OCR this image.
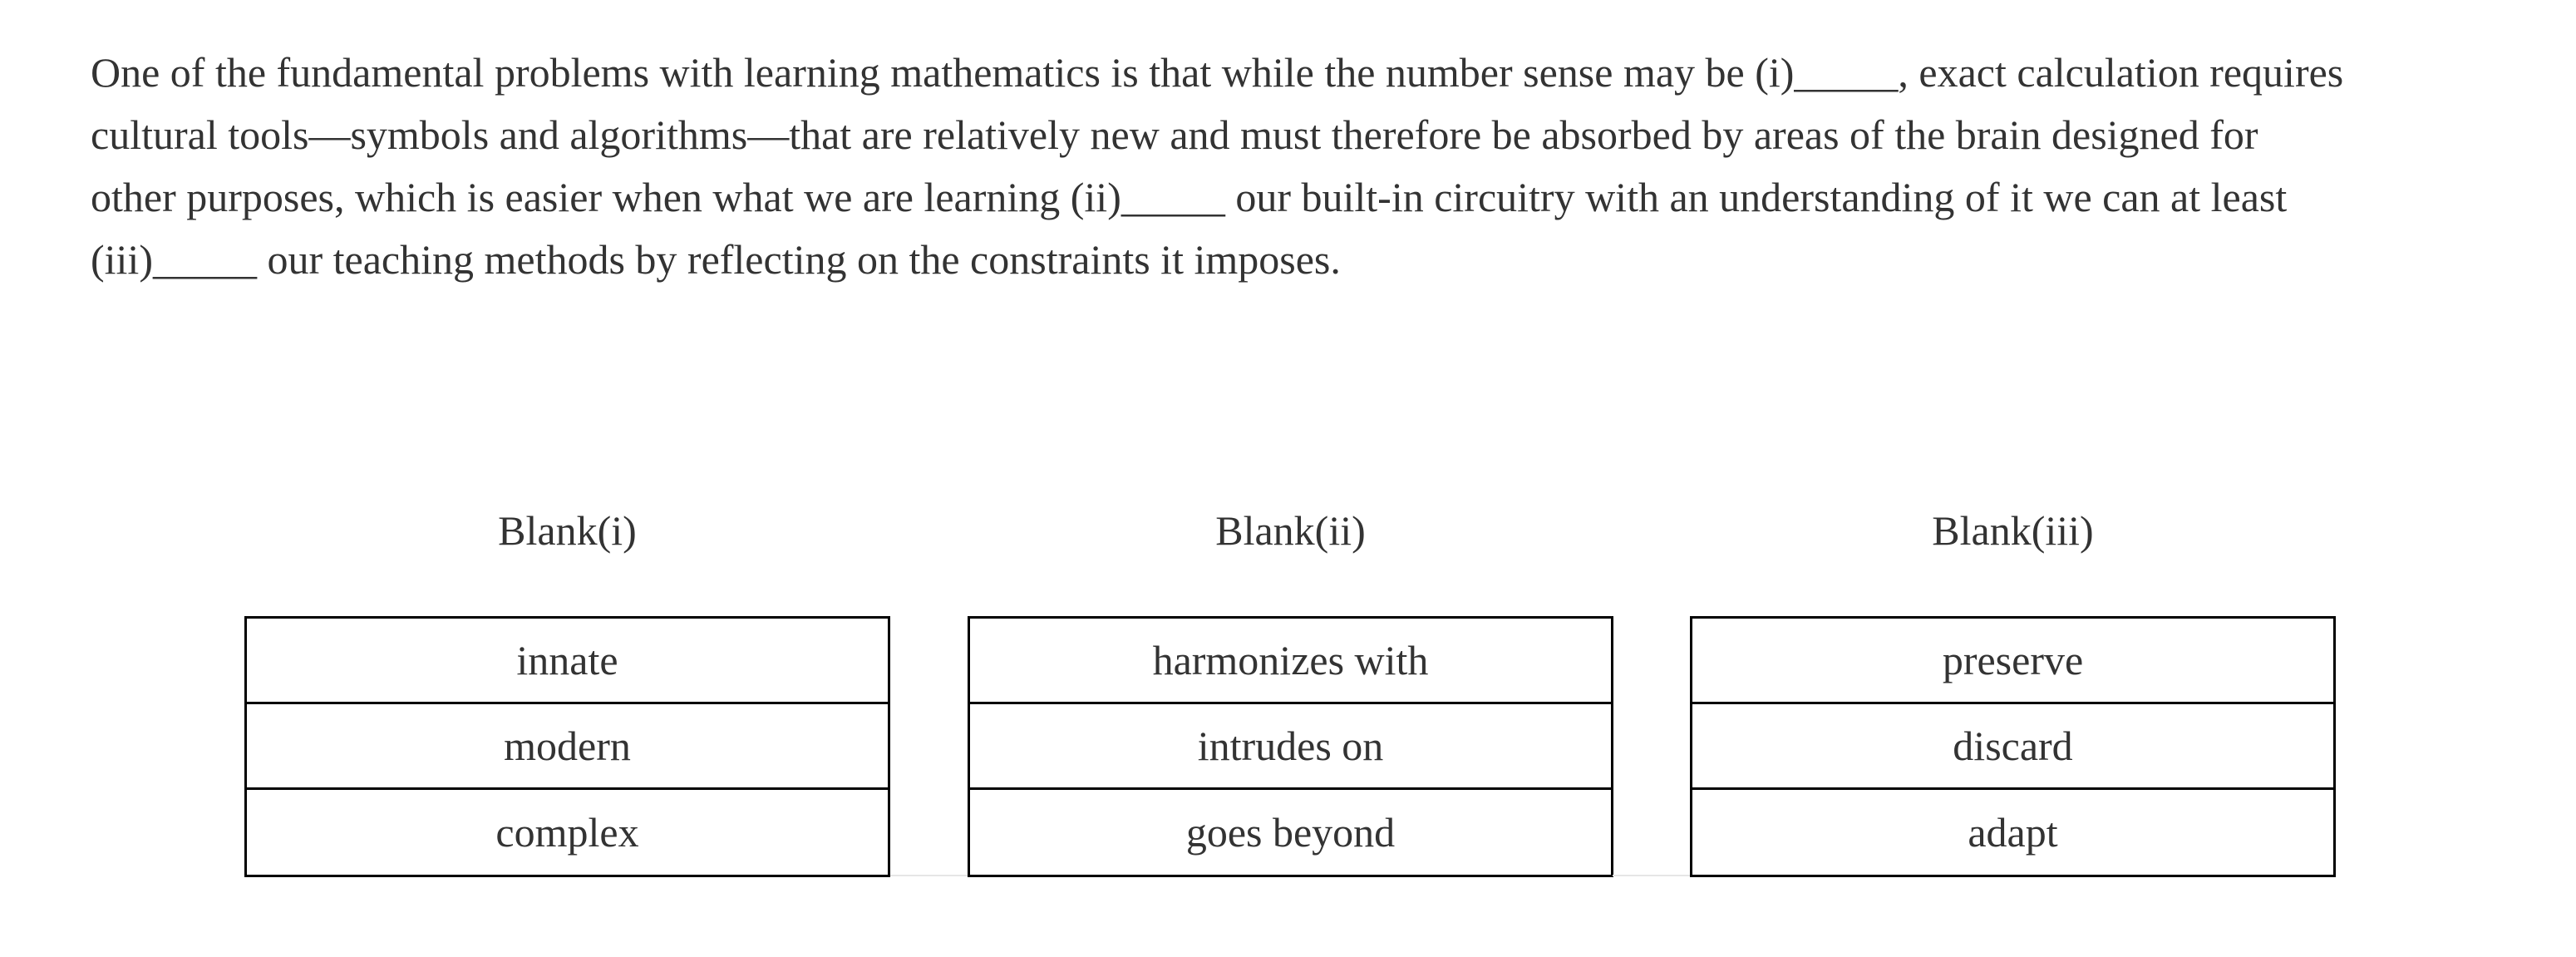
One of the fundamental problems with learning mathematics is that while the number sense may be (i)_____, exact calculation requires
cultural tools—symbols and algorithms—that are relatively new and must therefore be absorbed by areas of the brain designed for
other purposes, which is easier when what we are learning (ii)_____ our built-in circuitry with an understanding of it we can at least
(iii)_____ our teaching methods by reflecting on the constraints it imposes.
Blank(i)	Blank(ii)	Blank(iii)
innate
modern
complex
harmonizes with
intrudes on
goes beyond
preserve
discard
adapt
